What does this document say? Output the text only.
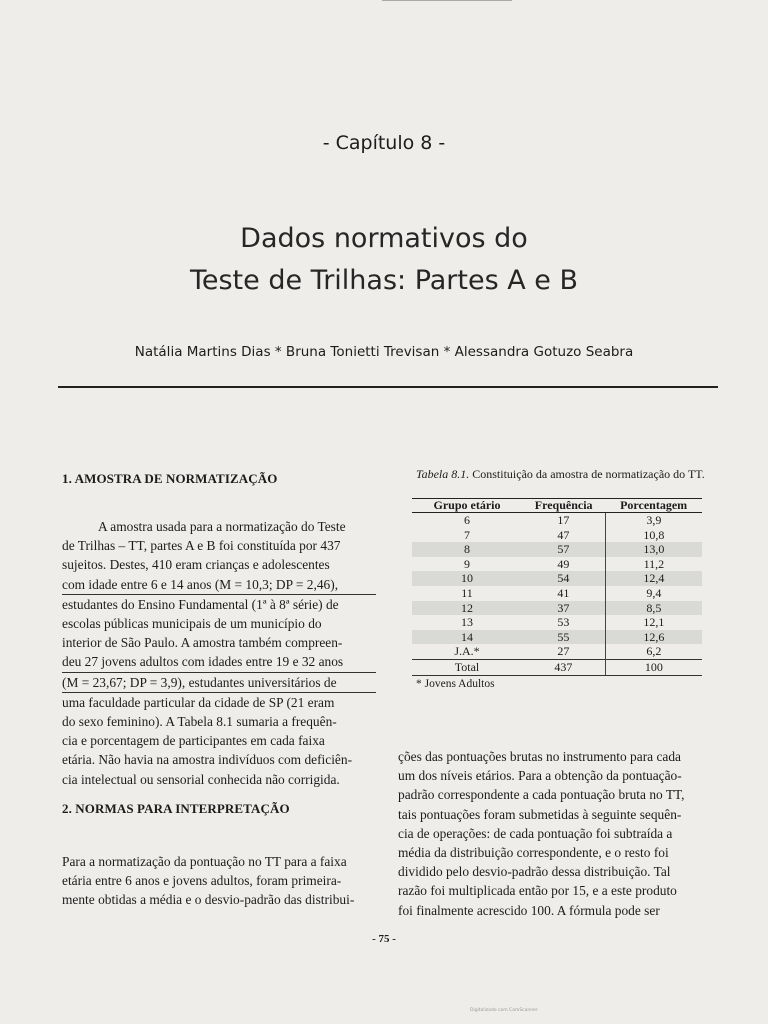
- Capítulo 8 -
Dados normativos do
Teste de Trilhas: Partes A e B
Natália Martins Dias * Bruna Tonietti Trevisan * Alessandra Gotuzo Seabra
1. AMOSTRA DE NORMATIZAÇÃO

A amostra usada para a normatização do Teste

de Trilhas – TT, partes A e B foi constituída por 437

sujeitos. Destes, 410 eram crianças e adolescentes

com idade entre 6 e 14 anos (M = 10,3; DP = 2,46),

estudantes do Ensino Fundamental (1ª à 8ª série) de

escolas públicas municipais de um município do

interior de São Paulo. A amostra também compreen-

deu 27 jovens adultos com idades entre 19 e 32 anos

(M = 23,67; DP = 3,9), estudantes universitários de

uma faculdade particular da cidade de SP (21 eram

do sexo feminino). A Tabela 8.1 sumaria a frequên-

cia e porcentagem de participantes em cada faixa

etária. Não havia na amostra indivíduos com deficiên-

cia intelectual ou sensorial conhecida não corrigida.

2. NORMAS PARA INTERPRETAÇÃO

Para a normatização da pontuação no TT para a faixa

etária entre 6 anos e jovens adultos, foram primeira-

mente obtidas a média e o desvio-padrão das distribui-

Tabela 8.1. Constituição da amostra de normatização do TT.
Grupo etário	Frequência	Porcentagem
6	17	3,9
7	47	10,8
8	57	13,0
9	49	11,2
10	54	12,4
11	41	9,4
12	37	8,5
13	53	12,1
14	55	12,6
J.A.*	27	6,2
Total	437	100
* Jovens Adultos

ções das pontuações brutas no instrumento para cada

um dos níveis etários. Para a obtenção da pontuação-

padrão correspondente a cada pontuação bruta no TT,

tais pontuações foram submetidas à seguinte sequên-

cia de operações: de cada pontuação foi subtraída a

média da distribuição correspondente, e o resto foi

dividido pelo desvio-padrão dessa distribuição. Tal

razão foi multiplicada então por 15, e a este produto

foi finalmente acrescido 100. A fórmula pode ser

- 75 -
Digitalizado com CamScanner
